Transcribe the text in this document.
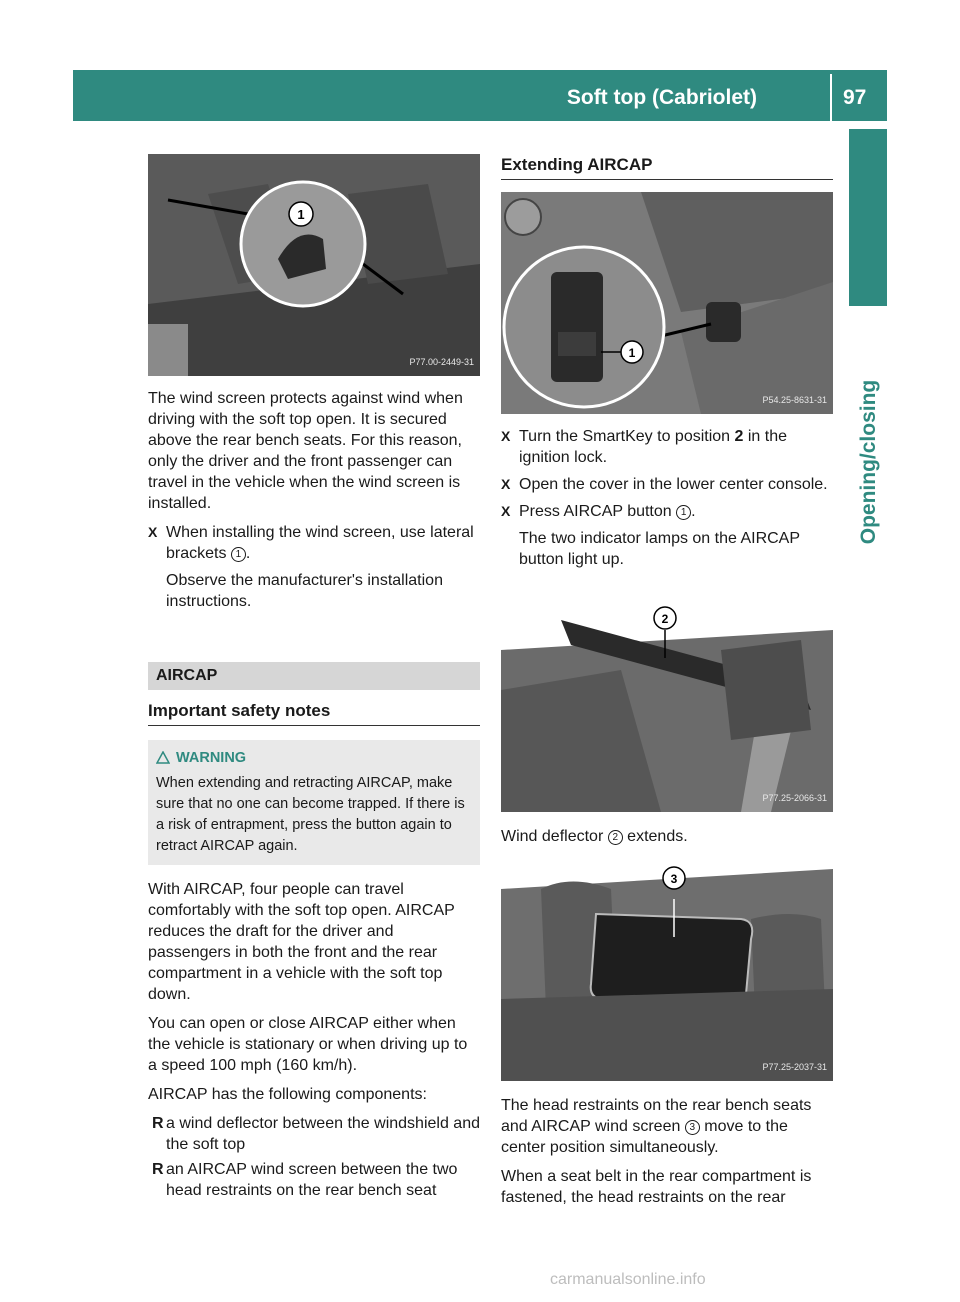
Soft top (Cabriolet)	97
Opening/closing
1
P77.00-2449-31

The wind screen protects against wind when driving with the soft top open. It is secured above the rear bench seats. For this reason, only the driver and the front passenger can travel in the vehicle when the wind screen is installed.

X When installing the wind screen, use lateral brackets 1 .
Observe the manufacturer's installation instructions.
AIRCAP
Important safety notes
WARNING
When extending and retracting AIRCAP, make sure that no one can become trapped. If there is a risk of entrapment, press the button again to retract AIRCAP again.

With AIRCAP, four people can travel comfortably with the soft top open. AIRCAP reduces the draft for the driver and passengers in both the front and the rear compartment in a vehicle with the soft top down.

You can open or close AIRCAP either when the vehicle is stationary or when driving up to a speed 100 mph (160 km/h).

AIRCAP has the following components:

R a wind deflector between the windshield and the soft top
R an AIRCAP wind screen between the two head restraints on the rear bench seat
Extending AIRCAP
1
P54.25-8631-31
X Turn the SmartKey to position 2 in the ignition lock.
X Open the cover in the lower center console.
X Press AIRCAP button 1 .
The two indicator lamps on the AIRCAP button light up.
2
P77.25-2066-31

Wind deflector 2 extends.

3
P77.25-2037-31

The head restraints on the rear bench seats and AIRCAP wind screen 3 move to the center position simultaneously.

When a seat belt in the rear compartment is fastened, the head restraints on the rear

carmanualsonline.info
